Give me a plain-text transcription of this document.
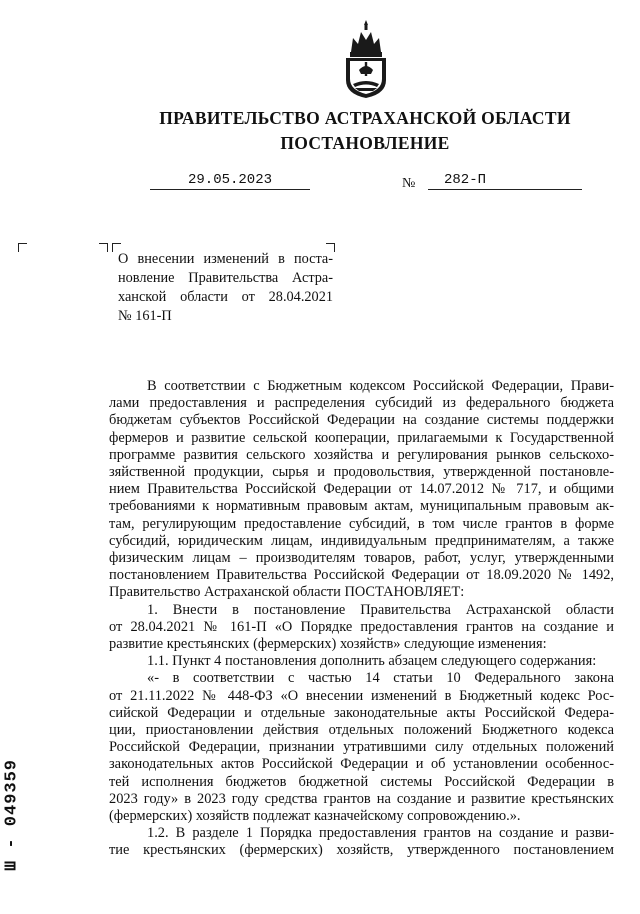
ПРАВИТЕЛЬСТВО АСТРАХАНСКОЙ ОБЛАСТИ
ПОСТАНОВЛЕНИЕ
29.05.2023	№	282-П
О внесении изменений в поста-
новление Правительства Астра-
ханской области от 28.04.2021
№ 161-П
В соответствии с Бюджетным кодексом Российской Федерации, Прави-
лами предоставления и распределения субсидий из федерального бюджета
бюджетам субъектов Российской Федерации на создание системы поддержки
фермеров и развитие сельской кооперации, прилагаемыми к Государственной
программе развития сельского хозяйства и регулирования рынков сельскохо-
зяйственной продукции, сырья и продовольствия, утвержденной постановле-
нием Правительства Российской Федерации от 14.07.2012 № 717, и общими
требованиями к нормативным правовым актам, муниципальным правовым ак-
там, регулирующим предоставление субсидий, в том числе грантов в форме
субсидий, юридическим лицам, индивидуальным предпринимателям, а также
физическим лицам – производителям товаров, работ, услуг, утвержденными
постановлением Правительства Российской Федерации от 18.09.2020 № 1492,
Правительство Астраханской области ПОСТАНОВЛЯЕТ:
1. Внести в постановление Правительства Астраханской области
от 28.04.2021 № 161-П «О Порядке предоставления грантов на создание и
развитие крестьянских (фермерских) хозяйств» следующие изменения:
1.1. Пункт 4 постановления дополнить абзацем следующего содержания:
«- в соответствии с частью 14 статьи 10 Федерального закона
от 21.11.2022 № 448-ФЗ «О внесении изменений в Бюджетный кодекс Рос-
сийской Федерации и отдельные законодательные акты Российской Федера-
ции, приостановлении действия отдельных положений Бюджетного кодекса
Российской Федерации, признании утратившими силу отдельных положений
законодательных актов Российской Федерации и об установлении особеннос-
тей исполнения бюджетов бюджетной системы Российской Федерации в
2023 году» в 2023 году средства грантов на создание и развитие крестьянских
(фермерских) хозяйств подлежат казначейскому сопровождению.».
1.2. В разделе 1 Порядка предоставления грантов на создание и разви-
тие крестьянских (фермерских) хозяйств, утвержденного постановлением
Ш - 049359
